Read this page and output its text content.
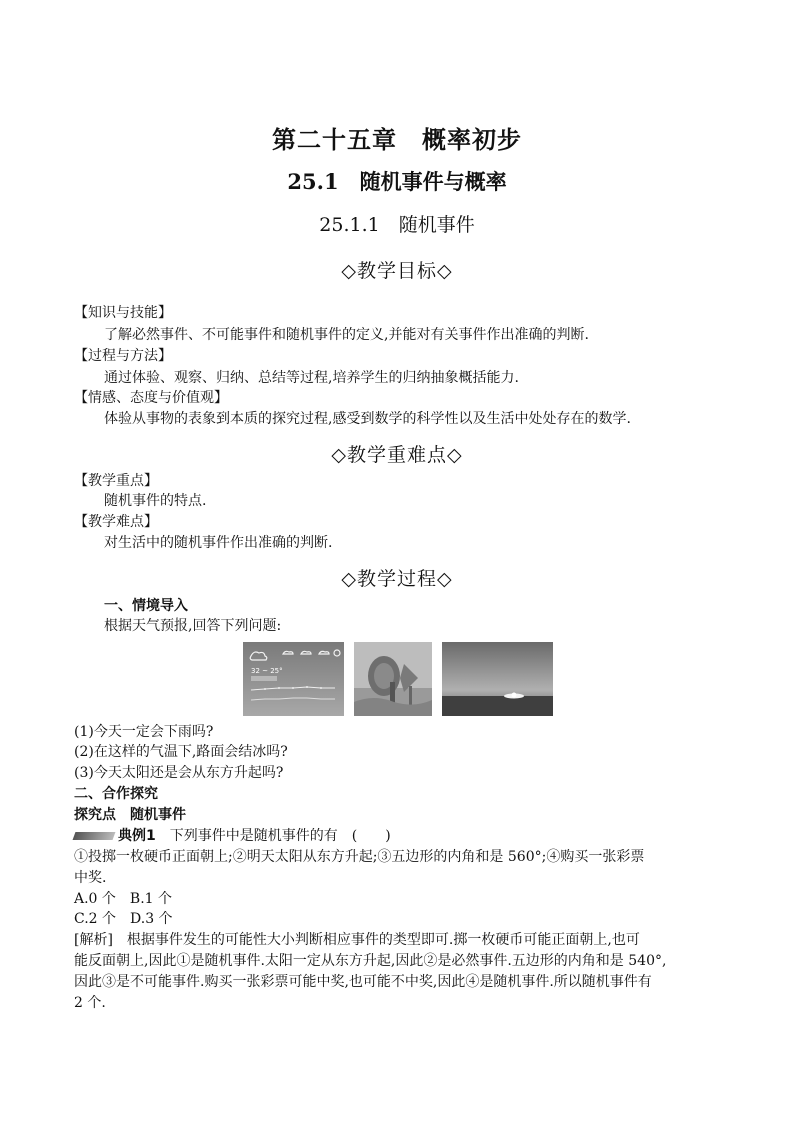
第二十五章　概率初步
25.1　随机事件与概率
25.1.1　随机事件
◇教学目标◇
【知识与技能】
了解必然事件、不可能事件和随机事件的定义,并能对有关事件作出准确的判断.
【过程与方法】
通过体验、观察、归纳、总结等过程,培养学生的归纳抽象概括能力.
【情感、态度与价值观】
体验从事物的表象到本质的探究过程,感受到数学的科学性以及生活中处处存在的数学.
◇教学重难点◇
【教学重点】
随机事件的特点.
【教学难点】
对生活中的随机事件作出准确的判断.
◇教学过程◇
一、情境导入
根据天气预报,回答下列问题:
32 ~ 25°
(1)今天一定会下雨吗?
(2)在这样的气温下,路面会结冰吗?
(3)今天太阳还是会从东方升起吗?
二、合作探究
探究点　随机事件
典例1 下列事件中是随机事件的有　(　　)
①投掷一枚硬币正面朝上;②明天太阳从东方升起;③五边形的内角和是 560°;④购买一张彩票
中奖.
A.0 个　B.1 个
C.2 个　D.3 个
[解析]　根据事件发生的可能性大小判断相应事件的类型即可.掷一枚硬币可能正面朝上,也可
能反面朝上,因此①是随机事件.太阳一定从东方升起,因此②是必然事件.五边形的内角和是 540°,
因此③是不可能事件.购买一张彩票可能中奖,也可能不中奖,因此④是随机事件.所以随机事件有
2 个.
